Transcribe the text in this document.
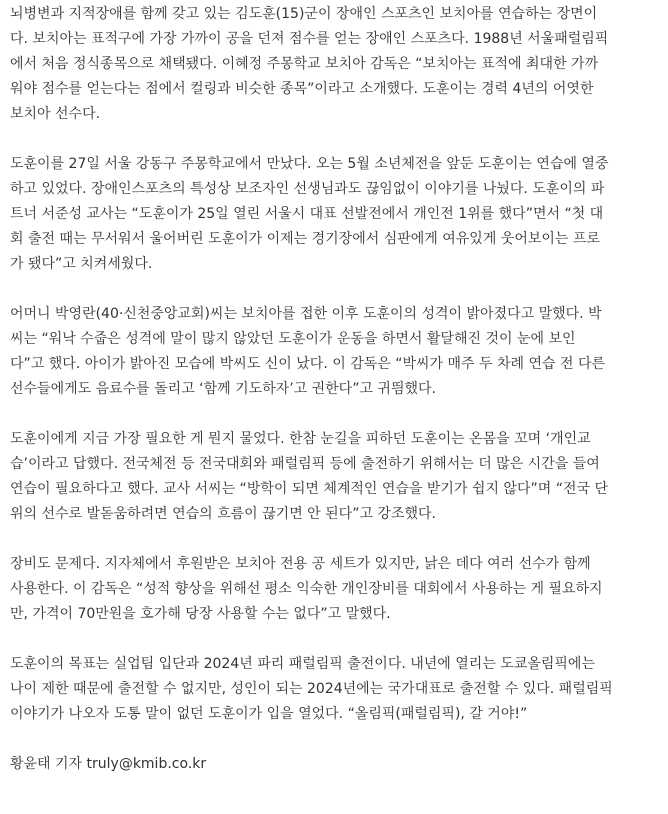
뇌병변과 지적장애를 함께 갖고 있는 김도훈(15)군이 장애인 스포츠인 보치아를 연습하는 장면이
다. 보치아는 표적구에 가장 가까이 공을 던져 점수를 얻는 장애인 스포츠다. 1988년 서울패럴림픽
에서 처음 정식종목으로 채택됐다. 이혜정 주몽학교 보치아 감독은 “보치아는 표적에 최대한 가까
워야 점수를 얻는다는 점에서 컬링과 비슷한 종목”이라고 소개했다. 도훈이는 경력 4년의 어엿한
보치아 선수다.
도훈이를 27일 서울 강동구 주몽학교에서 만났다. 오는 5월 소년체전을 앞둔 도훈이는 연습에 열중
하고 있었다. 장애인스포츠의 특성상 보조자인 선생님과도 끊임없이 이야기를 나눴다. 도훈이의 파
트너 서준성 교사는 “도훈이가 25일 열린 서울시 대표 선발전에서 개인전 1위를 했다”면서 “첫 대
회 출전 때는 무서워서 울어버린 도훈이가 이제는 경기장에서 심판에게 여유있게 웃어보이는 프로
가 됐다”고 치켜세웠다.
어머니 박영란(40·신천중앙교회)씨는 보치아를 접한 이후 도훈이의 성격이 밝아졌다고 말했다. 박
씨는 “워낙 수줍은 성격에 말이 많지 않았던 도훈이가 운동을 하면서 활달해진 것이 눈에 보인
다”고 했다. 아이가 밝아진 모습에 박씨도 신이 났다. 이 감독은 “박씨가 매주 두 차례 연습 전 다른
선수들에게도 음료수를 돌리고 ‘함께 기도하자’고 권한다”고 귀띔했다.
도훈이에게 지금 가장 필요한 게 뭔지 물었다. 한참 눈길을 피하던 도훈이는 온몸을 꼬며 ‘개인교
습’이라고 답했다. 전국체전 등 전국대회와 패럴림픽 등에 출전하기 위해서는 더 많은 시간을 들여
연습이 필요하다고 했다. 교사 서씨는 “방학이 되면 체계적인 연습을 받기가 쉽지 않다”며 “전국 단
위의 선수로 발돋움하려면 연습의 흐름이 끊기면 안 된다”고 강조했다.
장비도 문제다. 지자체에서 후원받은 보치아 전용 공 세트가 있지만, 낡은 데다 여러 선수가 함께
사용한다. 이 감독은 “성적 향상을 위해선 평소 익숙한 개인장비를 대회에서 사용하는 게 필요하지
만, 가격이 70만원을 호가해 당장 사용할 수는 없다”고 말했다.
도훈이의 목표는 실업팀 입단과 2024년 파리 패럴림픽 출전이다. 내년에 열리는 도쿄올림픽에는
나이 제한 때문에 출전할 수 없지만, 성인이 되는 2024년에는 국가대표로 출전할 수 있다. 패럴림픽
이야기가 나오자 도통 말이 없던 도훈이가 입을 열었다. “올림픽(패럴림픽), 갈 거야!”
황윤태 기자 truly@kmib.co.kr
